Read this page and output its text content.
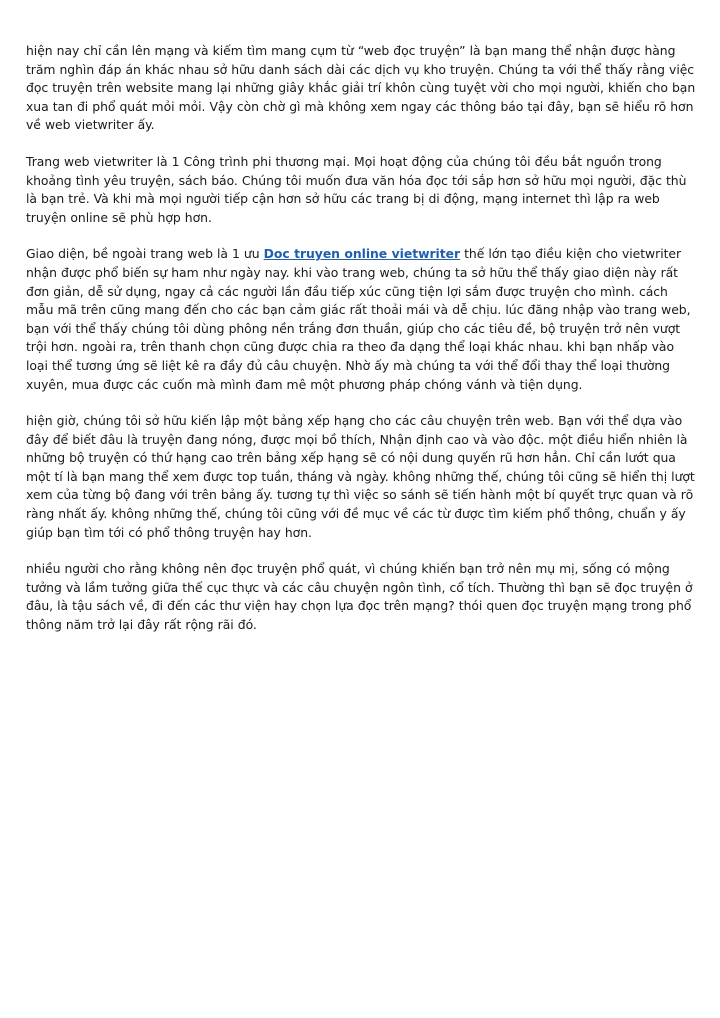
hiện nay chỉ cần lên mạng và kiếm tìm mang cụm từ “web đọc truyện” là bạn mang thể nhận được hàng trăm nghìn đáp án khác nhau sở hữu danh sách dài các dịch vụ kho truyện. Chúng ta với thể thấy rằng việc đọc truyện trên website mang lại những giây khắc giải trí khôn cùng tuyệt vời cho mọi người, khiến cho bạn xua tan đi phổ quát mỏi mỏi. Vậy còn chờ gì mà không xem ngay các thông báo tại đây, bạn sẽ hiểu rõ hơn về web vietwriter ấy.

Trang web vietwriter là 1 Công trình phi thương mại. Mọi hoạt động của chúng tôi đều bắt nguồn trong khoảng tình yêu truyện, sách báo. Chúng tôi muốn đưa văn hóa đọc tới sắp hơn sở hữu mọi người, đặc thù là bạn trẻ. Và khi mà mọi người tiếp cận hơn sở hữu các trang bị di động, mạng internet thì lập ra web truyện online sẽ phù hợp hơn.

Giao diện, bề ngoài trang web là 1 ưu Doc truyen online vietwriter thế lớn tạo điều kiện cho vietwriter nhận được phổ biến sự ham như ngày nay. khi vào trang web, chúng ta sở hữu thể thấy giao diện này rất đơn giản, dễ sử dụng, ngay cả các người lần đầu tiếp xúc cũng tiện lợi sắm được truyện cho mình. cách mẫu mã trên cũng mang đến cho các bạn cảm giác rất thoải mái và dễ chịu. lúc đăng nhập vào trang web, bạn với thể thấy chúng tôi dùng phông nền trắng đơn thuần, giúp cho các tiêu đề, bộ truyện trở nên vượt trội hơn. ngoài ra, trên thanh chọn cũng được chia ra theo đa dạng thể loại khác nhau. khi bạn nhấp vào loại thể tương ứng sẽ liệt kê ra đầy đủ câu chuyện. Nhờ ấy mà chúng ta với thể đổi thay thể loại thường xuyên, mua được các cuốn mà mình đam mê một phương pháp chóng vánh và tiện dụng.

hiện giờ, chúng tôi sở hữu kiến lập một bảng xếp hạng cho các câu chuyện trên web. Bạn với thể dựa vào đây để biết đâu là truyện đang nóng, được mọi bồ thích, Nhận định cao và vào độc. một điều hiển nhiên là những bộ truyện có thứ hạng cao trên bảng xếp hạng sẽ có nội dung quyến rũ hơn hẳn. Chỉ cần lướt qua một tí là bạn mang thể xem được top tuần, tháng và ngày. không những thế, chúng tôi cũng sẽ hiển thị lượt xem của từng bộ đang với trên bảng ấy. tương tự thì việc so sánh sẽ tiến hành một bí quyết trực quan và rõ ràng nhất ấy. không những thế, chúng tôi cũng với đề mục về các từ được tìm kiếm phổ thông, chuẩn y ấy giúp bạn tìm tới có phổ thông truyện hay hơn.

nhiều người cho rằng không nên đọc truyện phổ quát, vì chúng khiến bạn trở nên mụ mị, sống có mộng tưởng và lầm tưởng giữa thế cục thực và các câu chuyện ngôn tình, cổ tích. Thường thì bạn sẽ đọc truyện ở đâu, là tậu sách về, đi đến các thư viện hay chọn lựa đọc trên mạng? thói quen đọc truyện mạng trong phổ thông năm trở lại đây rất rộng rãi đó.
